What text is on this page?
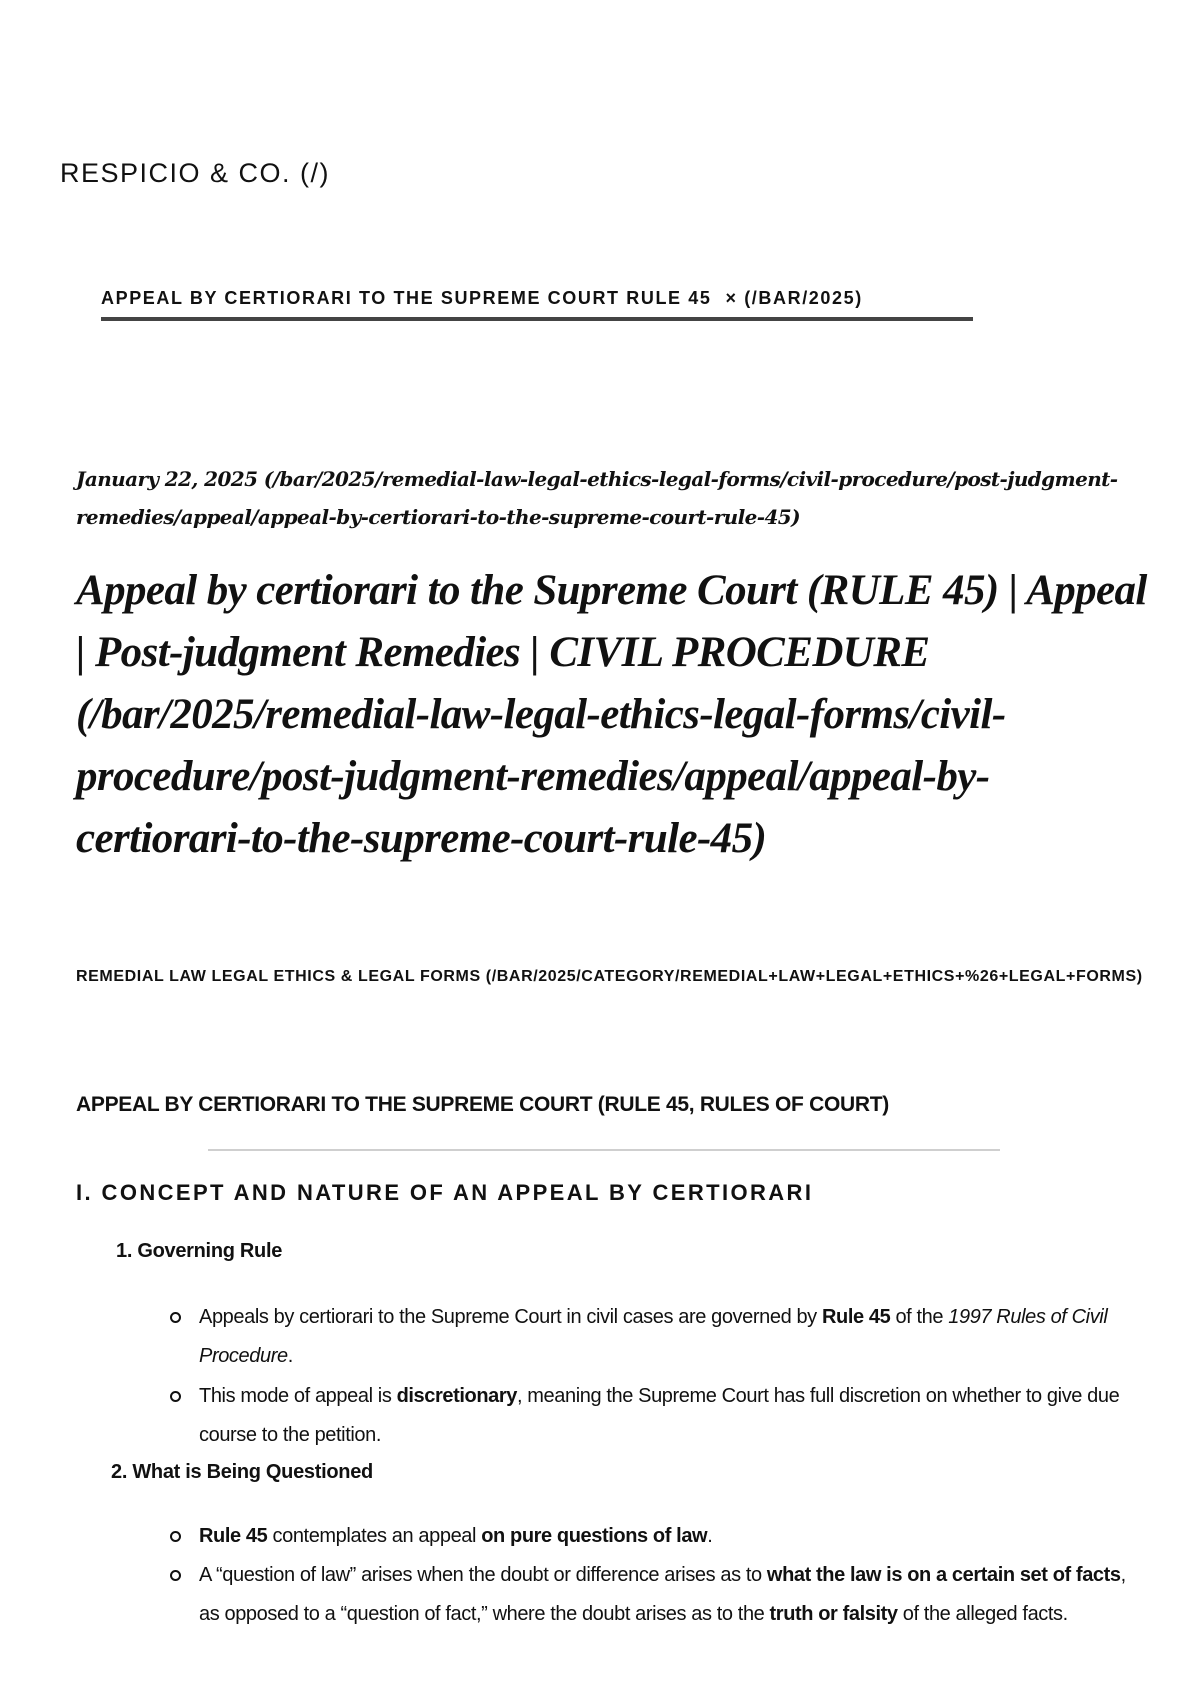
RESPICIO & CO. (/)
APPEAL BY CERTIORARI TO THE SUPREME COURT RULE 45 × (/BAR/2025)
January 22, 2025 (/bar/2025/remedial-law-legal-ethics-legal-forms/civil-procedure/post-judgment-remedies/appeal/appeal-by-certiorari-to-the-supreme-court-rule-45)
Appeal by certiorari to the Supreme Court (RULE 45) | Appeal | Post-judgment Remedies | CIVIL PROCEDURE (/bar/2025/remedial-law-legal-ethics-legal-forms/civil-procedure/post-judgment-remedies/appeal/appeal-by-certiorari-to-the-supreme-court-rule-45)
REMEDIAL LAW LEGAL ETHICS & LEGAL FORMS (/BAR/2025/CATEGORY/REMEDIAL+LAW+LEGAL+ETHICS+%26+LEGAL+FORMS)
APPEAL BY CERTIORARI TO THE SUPREME COURT (RULE 45, RULES OF COURT)
I. CONCEPT AND NATURE OF AN APPEAL BY CERTIORARI
1. Governing Rule
Appeals by certiorari to the Supreme Court in civil cases are governed by Rule 45 of the 1997 Rules of Civil Procedure.
This mode of appeal is discretionary, meaning the Supreme Court has full discretion on whether to give due course to the petition.
2. What is Being Questioned
Rule 45 contemplates an appeal on pure questions of law.
A “question of law” arises when the doubt or difference arises as to what the law is on a certain set of facts, as opposed to a “question of fact,” where the doubt arises as to the truth or falsity of the alleged facts.
